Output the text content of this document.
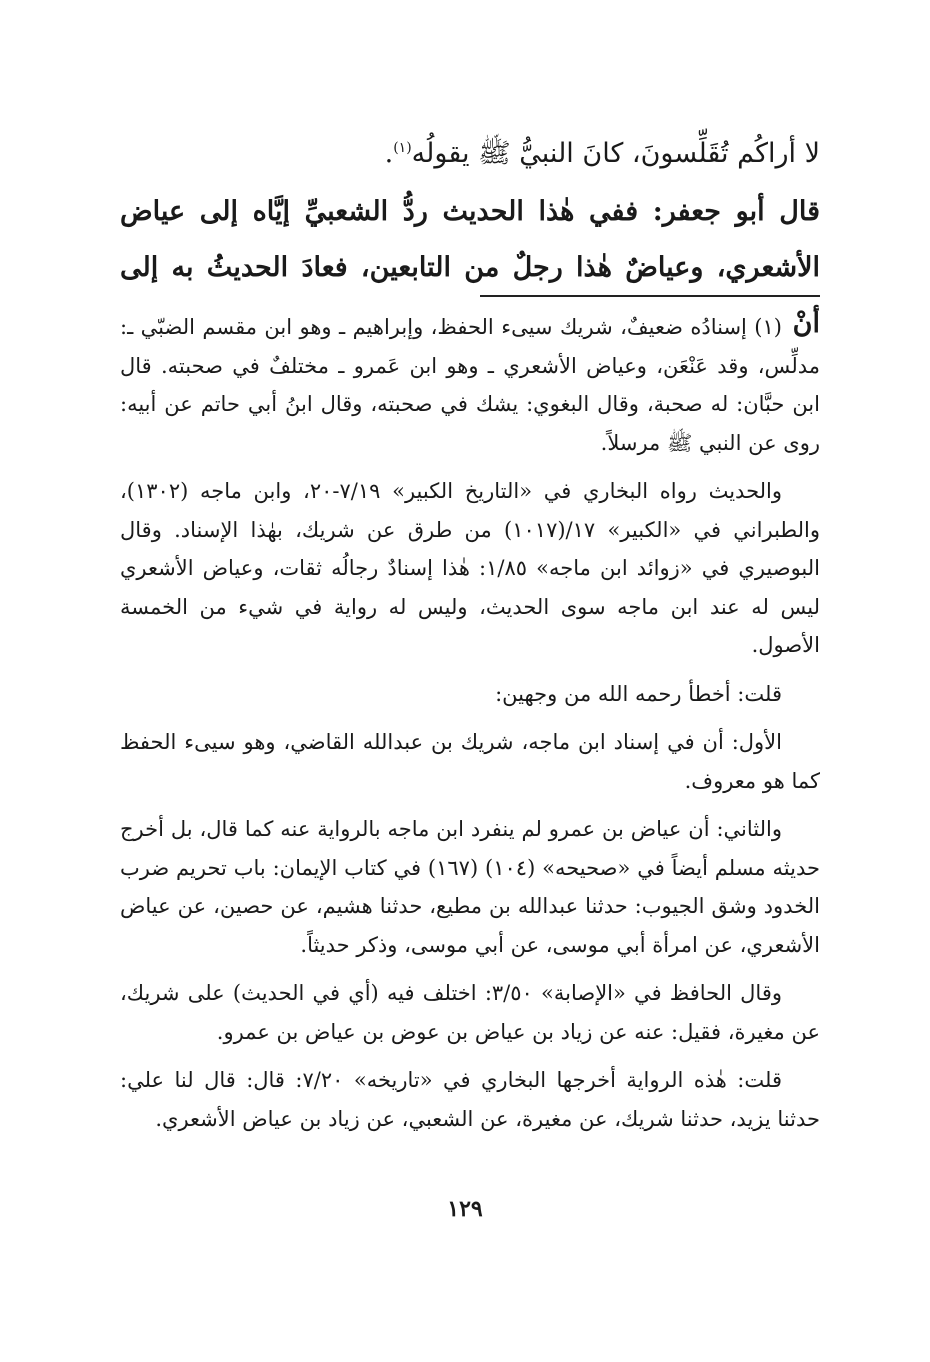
لا أراكُم تُقَلِّسونَ، كانَ النبيُّ ﷺ يقولُه$^{(١)}$.

قال أبو جعفر: ففي هٰذا الحديث ردُّ الشعبيِّ إيَّاه إلى عياض الأشعري، وعياضٌ هٰذا رجلٌ من التابعين، فعادَ الحديثُ به إلى أنْ

(١) إسنادُه ضعيفٌ، شريك سيىء الحفظ، وإبراهيم ـ وهو ابن مقسم الضبّي ـ: مدلِّس، وقد عَنْعَن، وعياض الأشعري ـ وهو ابن عَمرو ـ مختلفٌ في صحبته. قال ابن حبَّان: له صحبة، وقال البغوي: يشك في صحبته، وقال ابنُ أبي حاتم عن أبيه: روى عن النبي ﷺ مرسلاً.

والحديث رواه البخاري في «التاريخ الكبير» ٧/١٩-٢٠، وابن ماجه (١٣٠٢)، والطبراني في «الكبير» ١٧/(١٠١٧) من طرق عن شريك، بهٰذا الإسناد. وقال البوصيري في «زوائد ابن ماجه» ١/٨٥: هٰذا إسنادٌ رجالُه ثقات، وعياض الأشعري ليس له عند ابن ماجه سوى الحديث، وليس له رواية في شيء من الخمسة الأصول.

قلت: أخطأ رحمه الله من وجهين:

الأول: أن في إسناد ابن ماجه، شريك بن عبدالله القاضي، وهو سيىء الحفظ كما هو معروف.

والثاني: أن عياض بن عمرو لم ينفرد ابن ماجه بالرواية عنه كما قال، بل أخرج حديثه مسلم أيضاً في «صحيحه» (١٠٤) (١٦٧) في كتاب الإيمان: باب تحريم ضرب الخدود وشق الجيوب: حدثنا عبدالله بن مطيع، حدثنا هشيم، عن حصين، عن عياض الأشعري، عن امرأة أبي موسى، عن أبي موسى، وذكر حديثاً.

وقال الحافظ في «الإصابة» ٣/٥٠: اختلف فيه (أي في الحديث) على شريك، عن مغيرة، فقيل: عنه عن زياد بن عياض بن عوض بن عياض بن عمرو.

قلت: هٰذه الرواية أخرجها البخاري في «تاريخه» ٧/٢٠: قال: قال لنا علي: حدثنا يزيد، حدثنا شريك، عن مغيرة، عن الشعبي، عن زياد بن عياض الأشعري.

١٢٩
